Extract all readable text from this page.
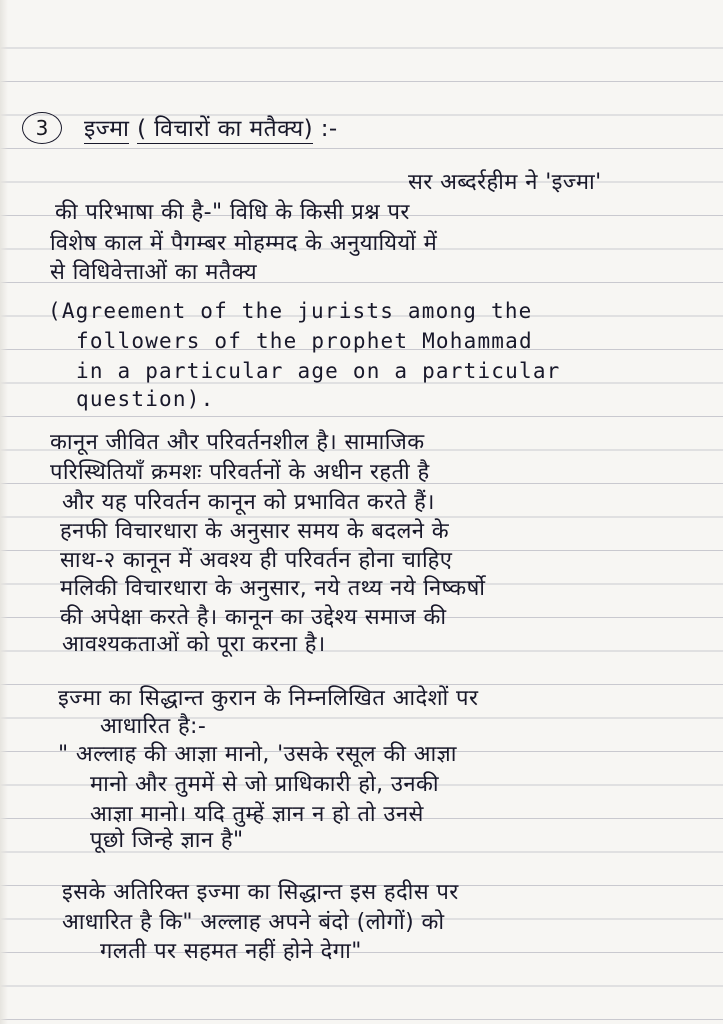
3	इज्मा ( विचारों का मतैक्य) :-
सर अब्दर्रहीम ने 'इज्मा'
की परिभाषा की है-" विधि के किसी प्रश्न पर
विशेष काल में पैगम्बर मोहम्मद के अनुयायियों में
से विधिवेत्ताओं का मतैक्य
(Agreement of the jurists among the
followers of the prophet Mohammad
in a particular age on a particular
question).
कानून जीवित और परिवर्तनशील है। सामाजिक
परिस्थितियाँ क्रमशः परिवर्तनों के अधीन रहती है
और यह परिवर्तन कानून को प्रभावित करते हैं।
हनफी विचारधारा के अनुसार समय के बदलने के
साथ-२ कानून में अवश्य ही परिवर्तन होना चाहिए
मलिकी विचारधारा के अनुसार, नये तथ्य नये निष्कर्षो
की अपेक्षा करते है। कानून का उद्देश्य समाज की
आवश्यकताओं को पूरा करना है।
इज्मा का सिद्धान्त कुरान के निम्नलिखित आदेशों पर
आधारित है:-
" अल्लाह की आज्ञा मानो, 'उसके रसूल की आज्ञा
मानो और तुममें से जो प्राधिकारी हो, उनकी
आज्ञा मानो। यदि तुम्हें ज्ञान न हो तो उनसे
पूछो जिन्हे ज्ञान है"
इसके अतिरिक्त इज्मा का सिद्धान्त इस हदीस पर
आधारित है कि" अल्लाह अपने बंदो (लोगों) को
गलती पर सहमत नहीं होने देगा"
